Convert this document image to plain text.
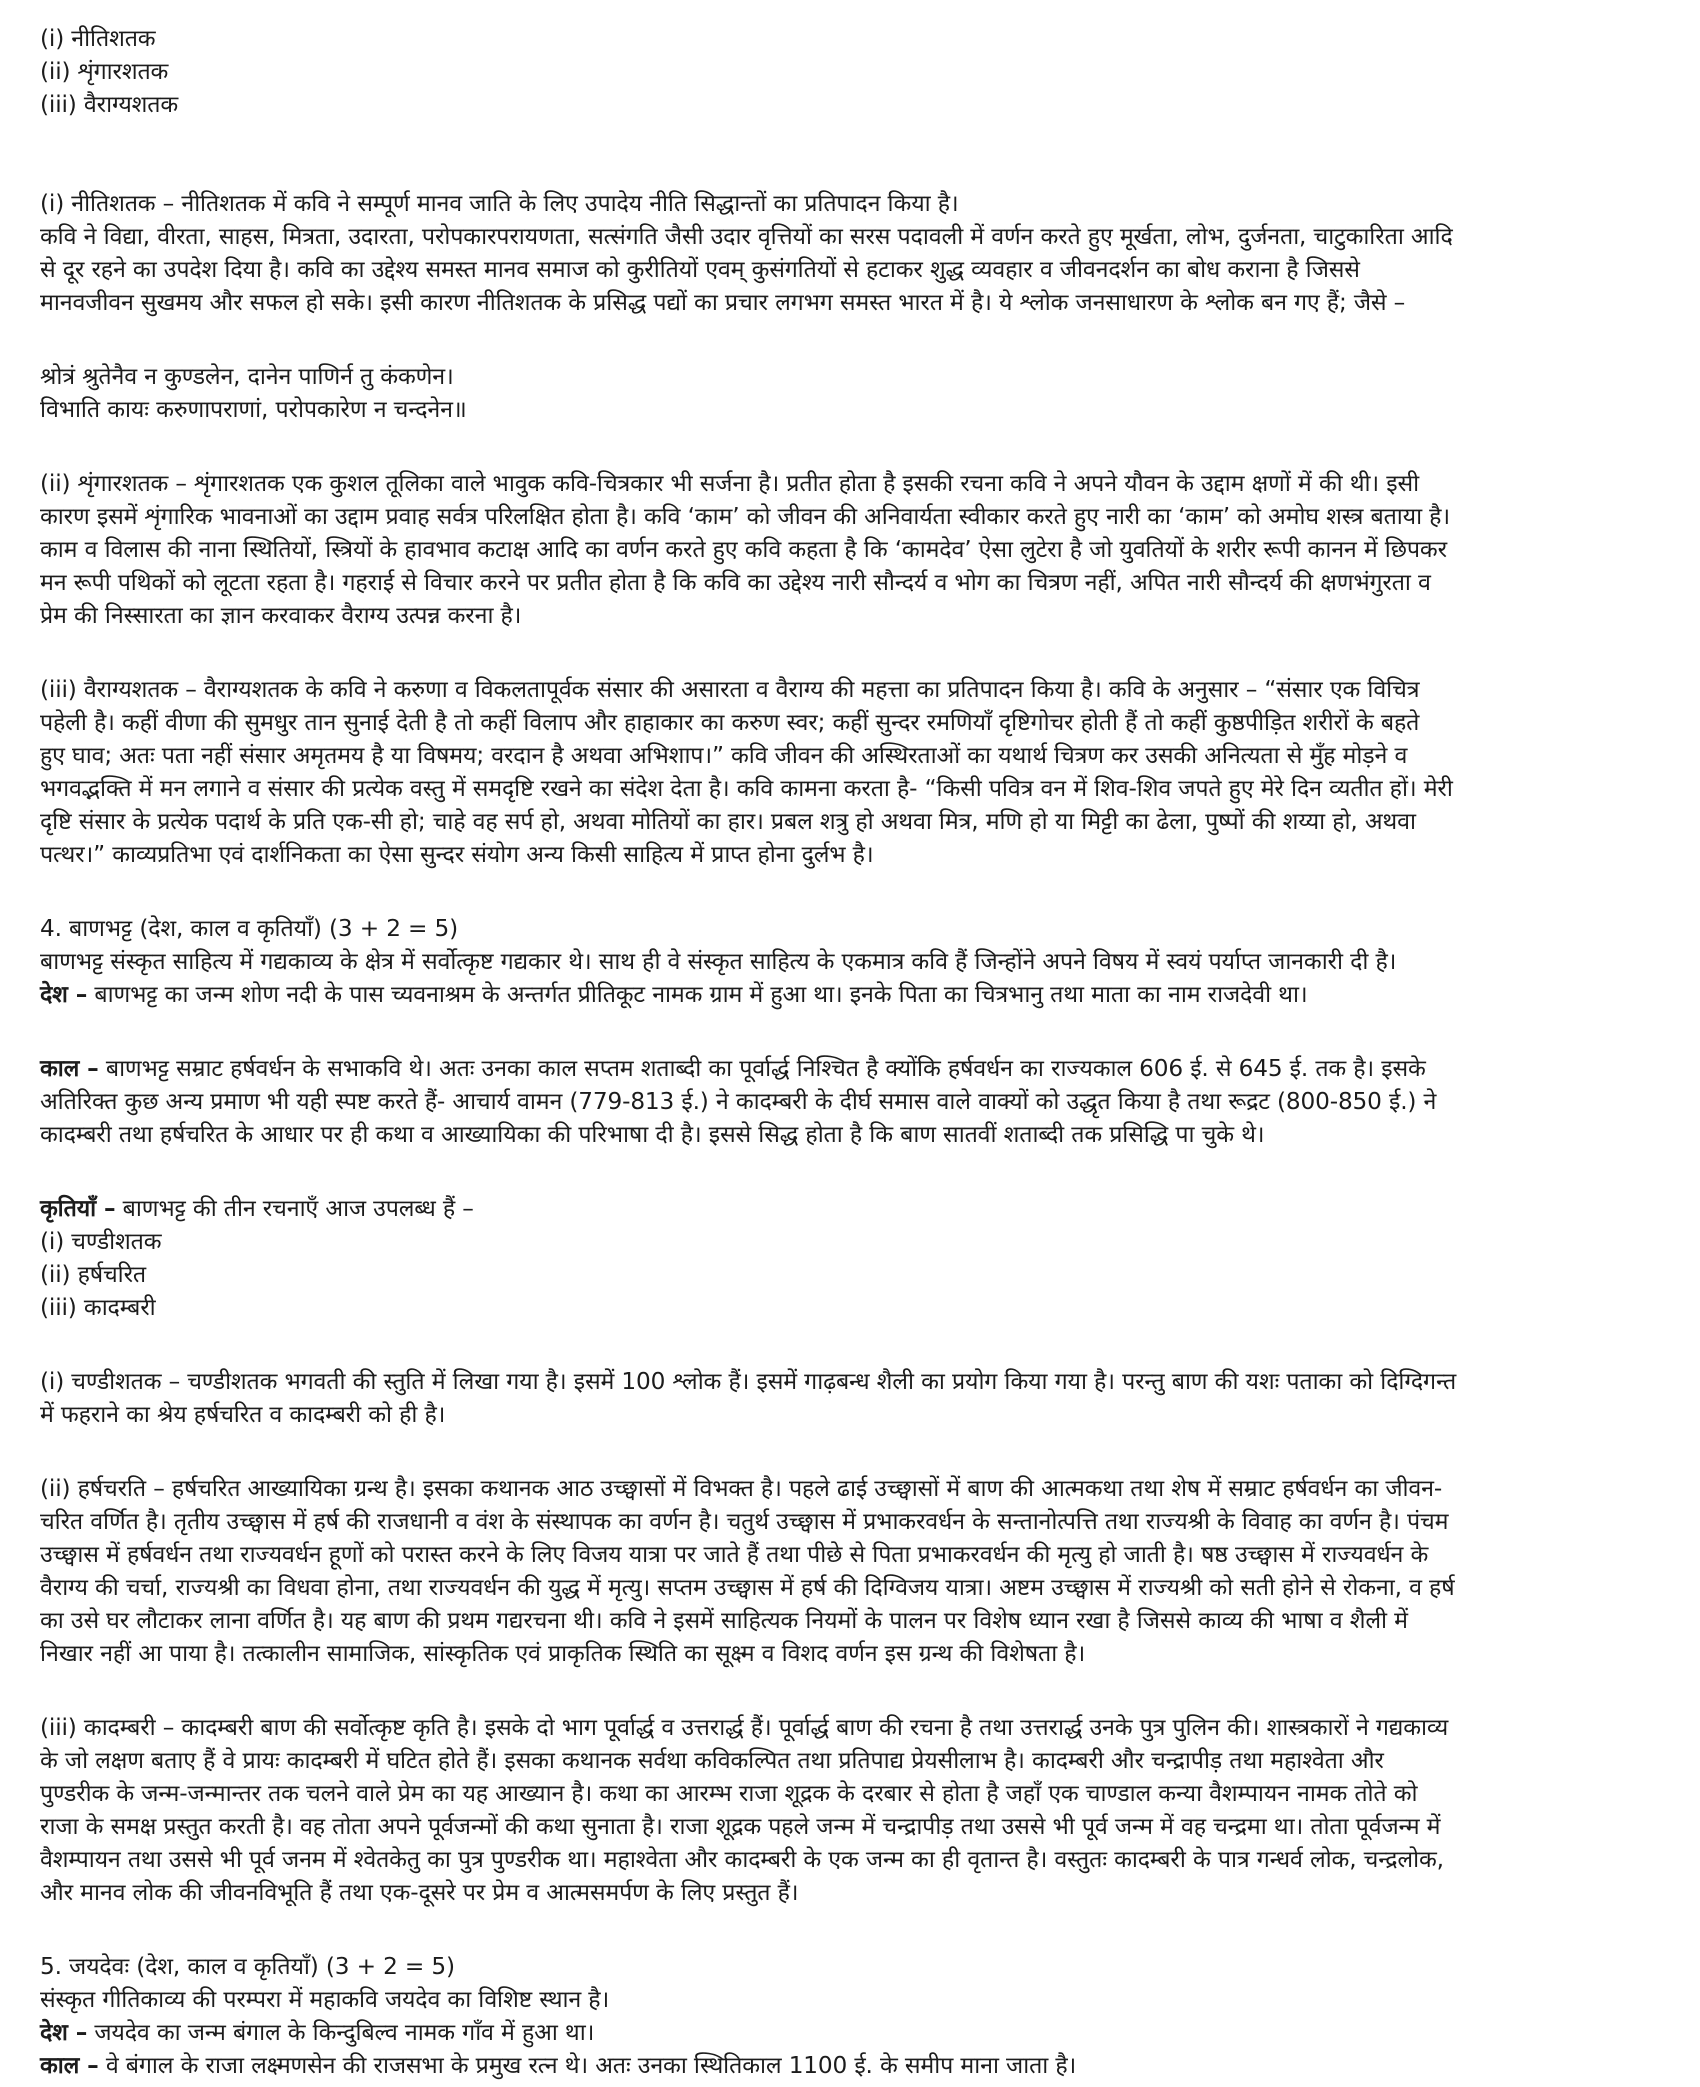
(i) नीतिशतक
(ii) शृंगारशतक
(iii) वैराग्यशतक
(i) नीतिशतक – नीतिशतक में कवि ने सम्पूर्ण मानव जाति के लिए उपादेय नीति सिद्धान्तों का प्रतिपादन किया है।
कवि ने विद्या, वीरता, साहस, मित्रता, उदारता, परोपकारपरायणता, सत्संगति जैसी उदार वृत्तियों का सरस पदावली में वर्णन करते हुए मूर्खता, लोभ, दुर्जनता, चाटुकारिता आदि
से दूर रहने का उपदेश दिया है। कवि का उद्देश्य समस्त मानव समाज को कुरीतियों एवम् कुसंगतियों से हटाकर शुद्ध व्यवहार व जीवनदर्शन का बोध कराना है जिससे
मानवजीवन सुखमय और सफल हो सके। इसी कारण नीतिशतक के प्रसिद्ध पद्यों का प्रचार लगभग समस्त भारत में है। ये श्लोक जनसाधारण के श्लोक बन गए हैं; जैसे –
श्रोत्रं श्रुतेनैव न कुण्डलेन, दानेन पाणिर्न तु कंकणेन।
विभाति कायः करुणापराणां, परोपकारेण न चन्दनेन॥
(ii) शृंगारशतक – शृंगारशतक एक कुशल तूलिका वाले भावुक कवि-चित्रकार भी सर्जना है। प्रतीत होता है इसकी रचना कवि ने अपने यौवन के उद्दाम क्षणों में की थी। इसी
कारण इसमें शृंगारिक भावनाओं का उद्दाम प्रवाह सर्वत्र परिलक्षित होता है। कवि ‘काम’ को जीवन की अनिवार्यता स्वीकार करते हुए नारी का ‘काम’ को अमोघ शस्त्र बताया है।
काम व विलास की नाना स्थितियों, स्त्रियों के हावभाव कटाक्ष आदि का वर्णन करते हुए कवि कहता है कि ‘कामदेव’ ऐसा लुटेरा है जो युवतियों के शरीर रूपी कानन में छिपकर
मन रूपी पथिकों को लूटता रहता है। गहराई से विचार करने पर प्रतीत होता है कि कवि का उद्देश्य नारी सौन्दर्य व भोग का चित्रण नहीं, अपित नारी सौन्दर्य की क्षणभंगुरता व
प्रेम की निस्सारता का ज्ञान करवाकर वैराग्य उत्पन्न करना है।
(iii) वैराग्यशतक – वैराग्यशतक के कवि ने करुणा व विकलतापूर्वक संसार की असारता व वैराग्य की महत्ता का प्रतिपादन किया है। कवि के अनुसार – “संसार एक विचित्र
पहेली है। कहीं वीणा की सुमधुर तान सुनाई देती है तो कहीं विलाप और हाहाकार का करुण स्वर; कहीं सुन्दर रमणियाँ दृष्टिगोचर होती हैं तो कहीं कुष्ठपीड़ित शरीरों के बहते
हुए घाव; अतः पता नहीं संसार अमृतमय है या विषमय; वरदान है अथवा अभिशाप।” कवि जीवन की अस्थिरताओं का यथार्थ चित्रण कर उसकी अनित्यता से मुँह मोड़ने व
भगवद्भक्ति में मन लगाने व संसार की प्रत्येक वस्तु में समदृष्टि रखने का संदेश देता है। कवि कामना करता है- “किसी पवित्र वन में शिव-शिव जपते हुए मेरे दिन व्यतीत हों। मेरी
दृष्टि संसार के प्रत्येक पदार्थ के प्रति एक-सी हो; चाहे वह सर्प हो, अथवा मोतियों का हार। प्रबल शत्रु हो अथवा मित्र, मणि हो या मिट्टी का ढेला, पुष्पों की शय्या हो, अथवा
पत्थर।” काव्यप्रतिभा एवं दार्शनिकता का ऐसा सुन्दर संयोग अन्य किसी साहित्य में प्राप्त होना दुर्लभ है।
4. बाणभट्ट (देश, काल व कृतियाँ) (3 + 2 = 5)
बाणभट्ट संस्कृत साहित्य में गद्यकाव्य के क्षेत्र में सर्वोत्कृष्ट गद्यकार थे। साथ ही वे संस्कृत साहित्य के एकमात्र कवि हैं जिन्होंने अपने विषय में स्वयं पर्याप्त जानकारी दी है।
देश – बाणभट्ट का जन्म शोण नदी के पास च्यवनाश्रम के अन्तर्गत प्रीतिकूट नामक ग्राम में हुआ था। इनके पिता का चित्रभानु तथा माता का नाम राजदेवी था।
काल – बाणभट्ट सम्राट हर्षवर्धन के सभाकवि थे। अतः उनका काल सप्तम शताब्दी का पूर्वार्द्ध निश्चित है क्योंकि हर्षवर्धन का राज्यकाल 606 ई. से 645 ई. तक है। इसके
अतिरिक्त कुछ अन्य प्रमाण भी यही स्पष्ट करते हैं- आचार्य वामन (779-813 ई.) ने कादम्बरी के दीर्घ समास वाले वाक्यों को उद्धृत किया है तथा रूद्रट (800-850 ई.) ने
कादम्बरी तथा हर्षचरित के आधार पर ही कथा व आख्यायिका की परिभाषा दी है। इससे सिद्ध होता है कि बाण सातवीं शताब्दी तक प्रसिद्धि पा चुके थे।
कृतियाँ – बाणभट्ट की तीन रचनाएँ आज उपलब्ध हैं –
(i) चण्डीशतक
(ii) हर्षचरित
(iii) कादम्बरी
(i) चण्डीशतक – चण्डीशतक भगवती की स्तुति में लिखा गया है। इसमें 100 श्लोक हैं। इसमें गाढ़बन्ध शैली का प्रयोग किया गया है। परन्तु बाण की यशः पताका को दिग्दिगन्त
में फहराने का श्रेय हर्षचरित व कादम्बरी को ही है।
(ii) हर्षचरति – हर्षचरित आख्यायिका ग्रन्थ है। इसका कथानक आठ उच्छ्वासों में विभक्त है। पहले ढाई उच्छ्वासों में बाण की आत्मकथा तथा शेष में सम्राट हर्षवर्धन का जीवन-
चरित वर्णित है। तृतीय उच्छ्वास में हर्ष की राजधानी व वंश के संस्थापक का वर्णन है। चतुर्थ उच्छ्वास में प्रभाकरवर्धन के सन्तानोत्पत्ति तथा राज्यश्री के विवाह का वर्णन है। पंचम
उच्छ्वास में हर्षवर्धन तथा राज्यवर्धन हूणों को परास्त करने के लिए विजय यात्रा पर जाते हैं तथा पीछे से पिता प्रभाकरवर्धन की मृत्यु हो जाती है। षष्ठ उच्छ्वास में राज्यवर्धन के
वैराग्य की चर्चा, राज्यश्री का विधवा होना, तथा राज्यवर्धन की युद्ध में मृत्यु। सप्तम उच्छ्वास में हर्ष की दिग्विजय यात्रा। अष्टम उच्छ्वास में राज्यश्री को सती होने से रोकना, व हर्ष
का उसे घर लौटाकर लाना वर्णित है। यह बाण की प्रथम गद्यरचना थी। कवि ने इसमें साहित्यक नियमों के पालन पर विशेष ध्यान रखा है जिससे काव्य की भाषा व शैली में
निखार नहीं आ पाया है। तत्कालीन सामाजिक, सांस्कृतिक एवं प्राकृतिक स्थिति का सूक्ष्म व विशद वर्णन इस ग्रन्थ की विशेषता है।
(iii) कादम्बरी – कादम्बरी बाण की सर्वोत्कृष्ट कृति है। इसके दो भाग पूर्वार्द्ध व उत्तरार्द्ध हैं। पूर्वार्द्ध बाण की रचना है तथा उत्तरार्द्ध उनके पुत्र पुलिन की। शास्त्रकारों ने गद्यकाव्य
के जो लक्षण बताए हैं वे प्रायः कादम्बरी में घटित होते हैं। इसका कथानक सर्वथा कविकल्पित तथा प्रतिपाद्य प्रेयसीलाभ है। कादम्बरी और चन्द्रापीड़ तथा महाश्वेता और
पुण्डरीक के जन्म-जन्मान्तर तक चलने वाले प्रेम का यह आख्यान है। कथा का आरम्भ राजा शूद्रक के दरबार से होता है जहाँ एक चाण्डाल कन्या वैशम्पायन नामक तोते को
राजा के समक्ष प्रस्तुत करती है। वह तोता अपने पूर्वजन्मों की कथा सुनाता है। राजा शूद्रक पहले जन्म में चन्द्रापीड़ तथा उससे भी पूर्व जन्म में वह चन्द्रमा था। तोता पूर्वजन्म में
वैशम्पायन तथा उससे भी पूर्व जनम में श्वेतकेतु का पुत्र पुण्डरीक था। महाश्वेता और कादम्बरी के एक जन्म का ही वृतान्त है। वस्तुतः कादम्बरी के पात्र गन्धर्व लोक, चन्द्रलोक,
और मानव लोक की जीवनविभूति हैं तथा एक-दूसरे पर प्रेम व आत्मसमर्पण के लिए प्रस्तुत हैं।
5. जयदेवः (देश, काल व कृतियाँ) (3 + 2 = 5)
संस्कृत गीतिकाव्य की परम्परा में महाकवि जयदेव का विशिष्ट स्थान है।
देश – जयदेव का जन्म बंगाल के किन्दुबिल्व नामक गाँव में हुआ था।
काल – वे बंगाल के राजा लक्ष्मणसेन की राजसभा के प्रमुख रत्न थे। अतः उनका स्थितिकाल 1100 ई. के समीप माना जाता है।
